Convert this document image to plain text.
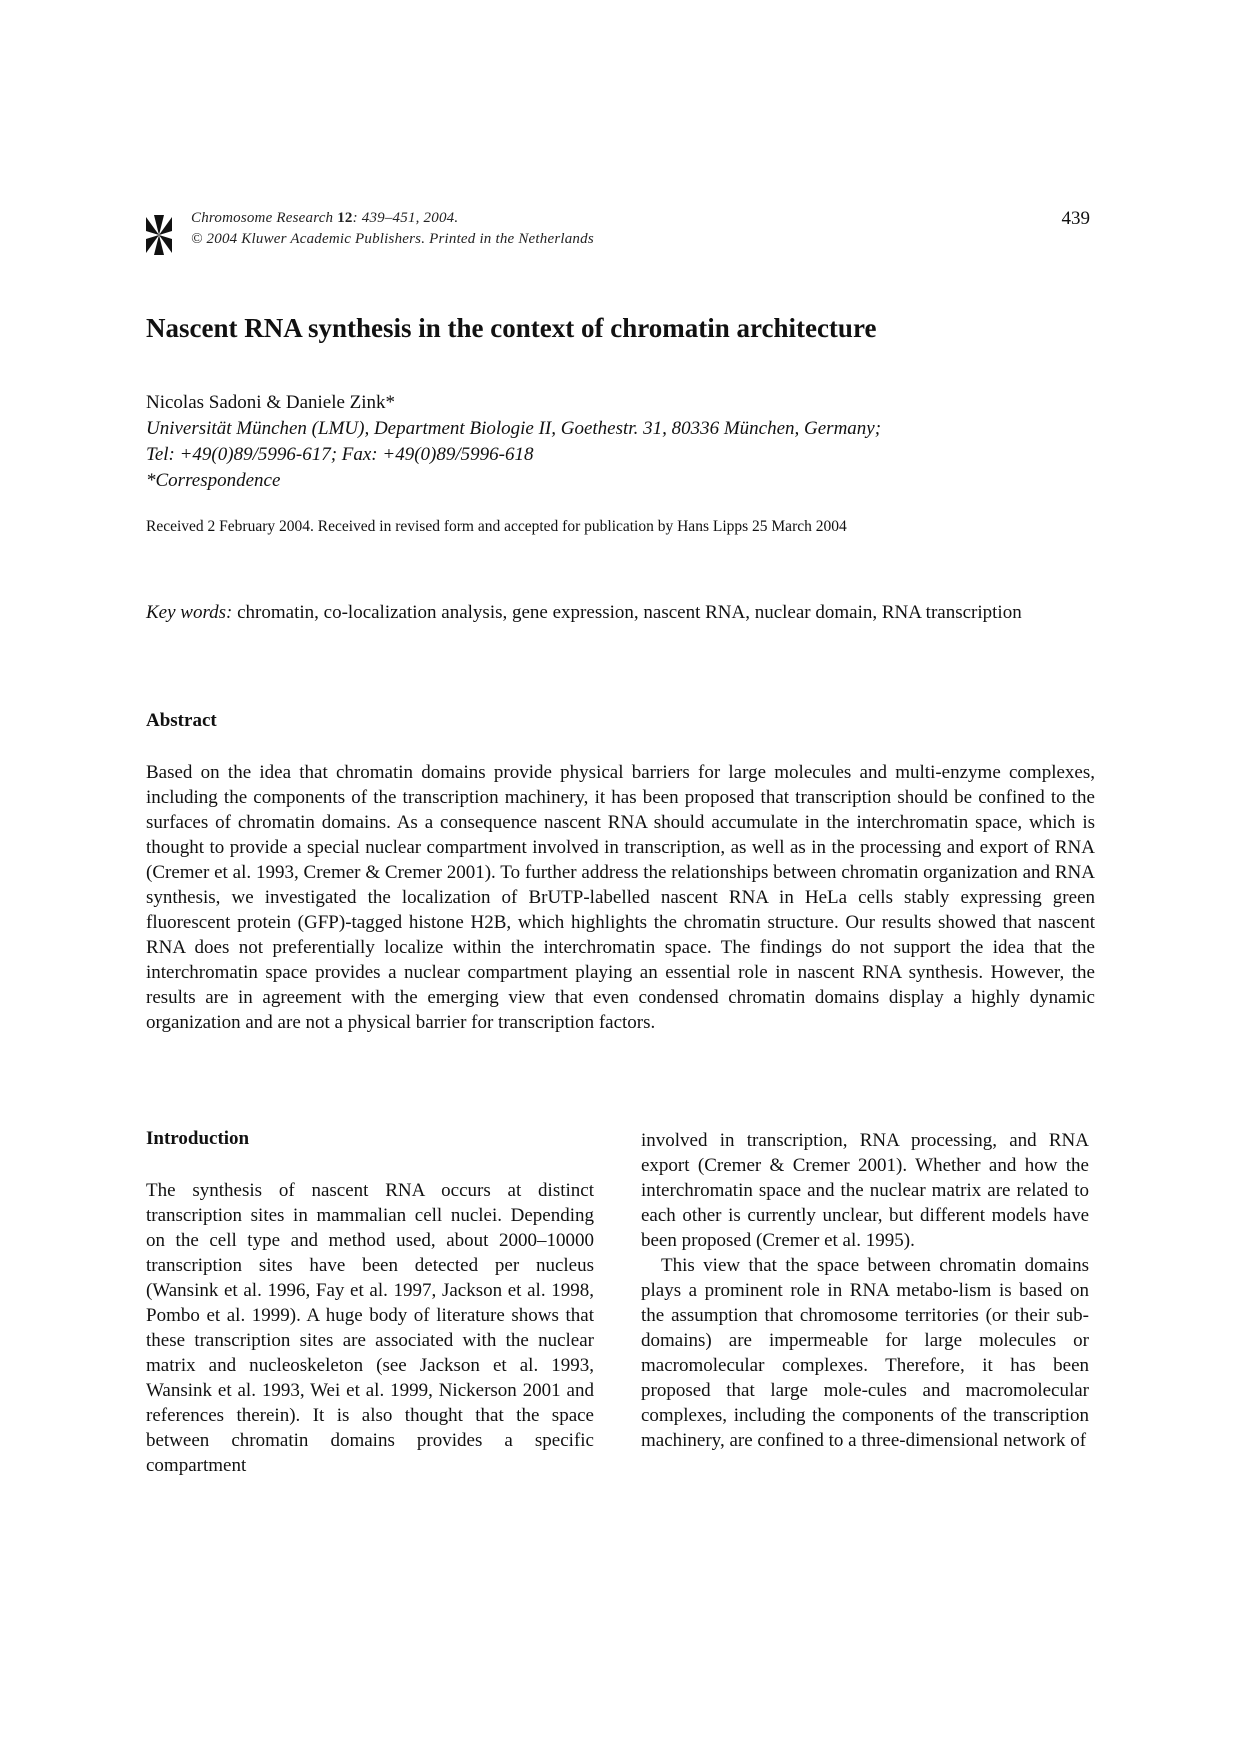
Chromosome Research 12: 439–451, 2004.
© 2004 Kluwer Academic Publishers. Printed in the Netherlands
439
Nascent RNA synthesis in the context of chromatin architecture
Nicolas Sadoni & Daniele Zink*
Universität München (LMU), Department Biologie II, Goethestr. 31, 80336 München, Germany;
Tel: +49(0)89/5996-617; Fax: +49(0)89/5996-618
*Correspondence
Received 2 February 2004. Received in revised form and accepted for publication by Hans Lipps 25 March 2004
Key words: chromatin, co-localization analysis, gene expression, nascent RNA, nuclear domain, RNA transcription
Abstract
Based on the idea that chromatin domains provide physical barriers for large molecules and multi-enzyme complexes, including the components of the transcription machinery, it has been proposed that transcription should be confined to the surfaces of chromatin domains. As a consequence nascent RNA should accumulate in the interchromatin space, which is thought to provide a special nuclear compartment involved in transcription, as well as in the processing and export of RNA (Cremer et al. 1993, Cremer & Cremer 2001). To further address the relationships between chromatin organization and RNA synthesis, we investigated the localization of BrUTP-labelled nascent RNA in HeLa cells stably expressing green fluorescent protein (GFP)-tagged histone H2B, which highlights the chromatin structure. Our results showed that nascent RNA does not preferentially localize within the interchromatin space. The findings do not support the idea that the interchromatin space provides a nuclear compartment playing an essential role in nascent RNA synthesis. However, the results are in agreement with the emerging view that even condensed chromatin domains display a highly dynamic organization and are not a physical barrier for transcription factors.
Introduction

The synthesis of nascent RNA occurs at distinct transcription sites in mammalian cell nuclei. Depending on the cell type and method used, about 2000–10000 transcription sites have been detected per nucleus (Wansink et al. 1996, Fay et al. 1997, Jackson et al. 1998, Pombo et al. 1999). A huge body of literature shows that these transcription sites are associated with the nuclear matrix and nucleoskeleton (see Jackson et al. 1993, Wansink et al. 1993, Wei et al. 1999, Nickerson 2001 and references therein). It is also thought that the space between chromatin domains provides a specific compartment

involved in transcription, RNA processing, and RNA export (Cremer & Cremer 2001). Whether and how the interchromatin space and the nuclear matrix are related to each other is currently unclear, but different models have been proposed (Cremer et al. 1995).

This view that the space between chromatin domains plays a prominent role in RNA metabo-lism is based on the assumption that chromosome territories (or their sub-domains) are impermeable for large molecules or macromolecular complexes. Therefore, it has been proposed that large mole-cules and macromolecular complexes, including the components of the transcription machinery, are confined to a three-dimensional network of
